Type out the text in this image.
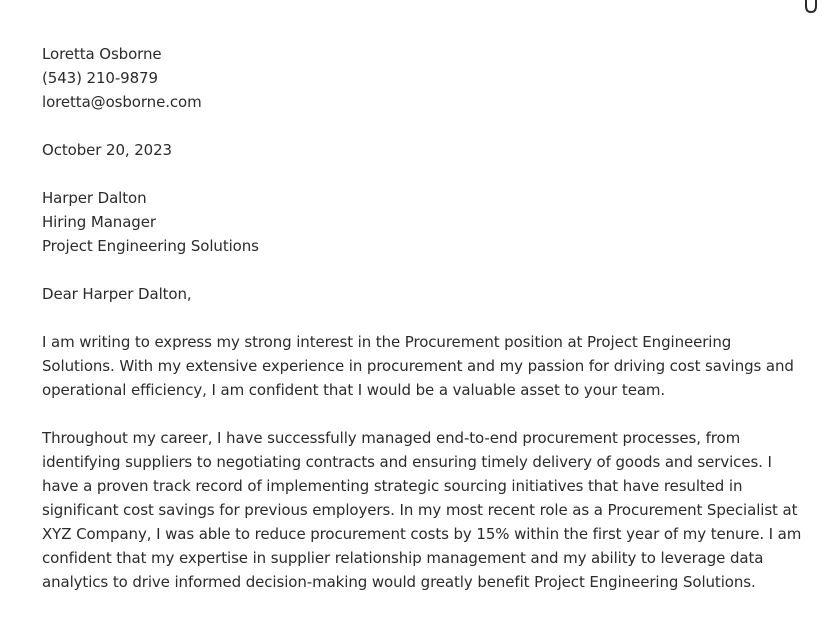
Loretta Osborne
(543) 210-9879
loretta@osborne.com
October 20, 2023
Harper Dalton
Hiring Manager
Project Engineering Solutions
Dear Harper Dalton,

I am writing to express my strong interest in the Procurement position at Project Engineering Solutions. With my extensive experience in procurement and my passion for driving cost savings and operational efficiency, I am confident that I would be a valuable asset to your team.

Throughout my career, I have successfully managed end-to-end procurement processes, from identifying suppliers to negotiating contracts and ensuring timely delivery of goods and services. I have a proven track record of implementing strategic sourcing initiatives that have resulted in significant cost savings for previous employers. In my most recent role as a Procurement Specialist at XYZ Company, I was able to reduce procurement costs by 15% within the first year of my tenure. I am confident that my expertise in supplier relationship management and my ability to leverage data analytics to drive informed decision-making would greatly benefit Project Engineering Solutions.
